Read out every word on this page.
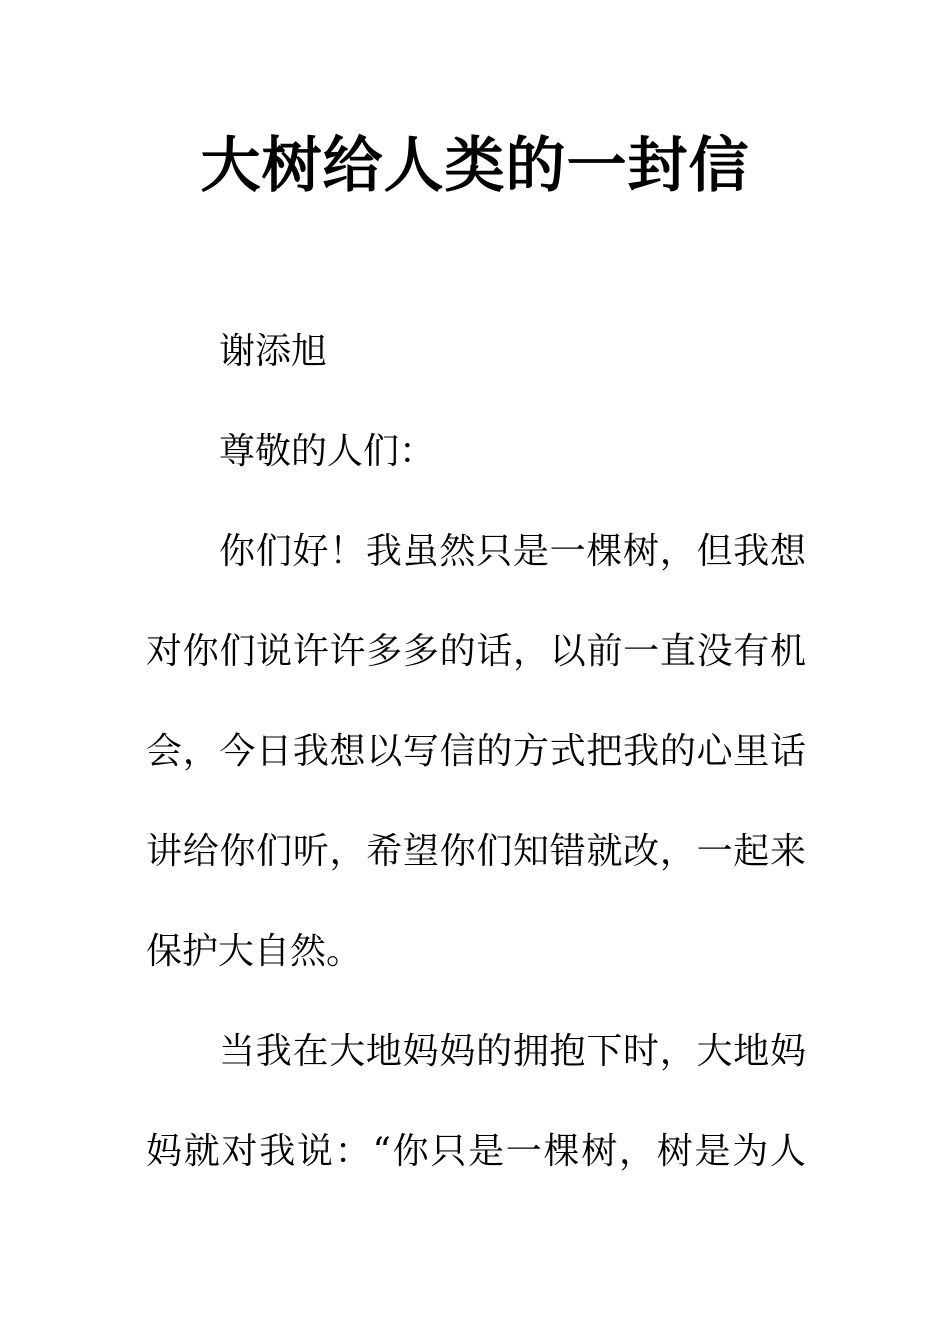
大树给人类的一封信
谢添旭
尊敬的人们：
你们好！我虽然只是一棵树，但我想
对你们说许许多多的话，以前一直没有机
会，今日我想以写信的方式把我的心里话
讲给你们听，希望你们知错就改，一起来
保护大自然。
当我在大地妈妈的拥抱下时，大地妈
妈就对我说：“你只是一棵树，树是为人
